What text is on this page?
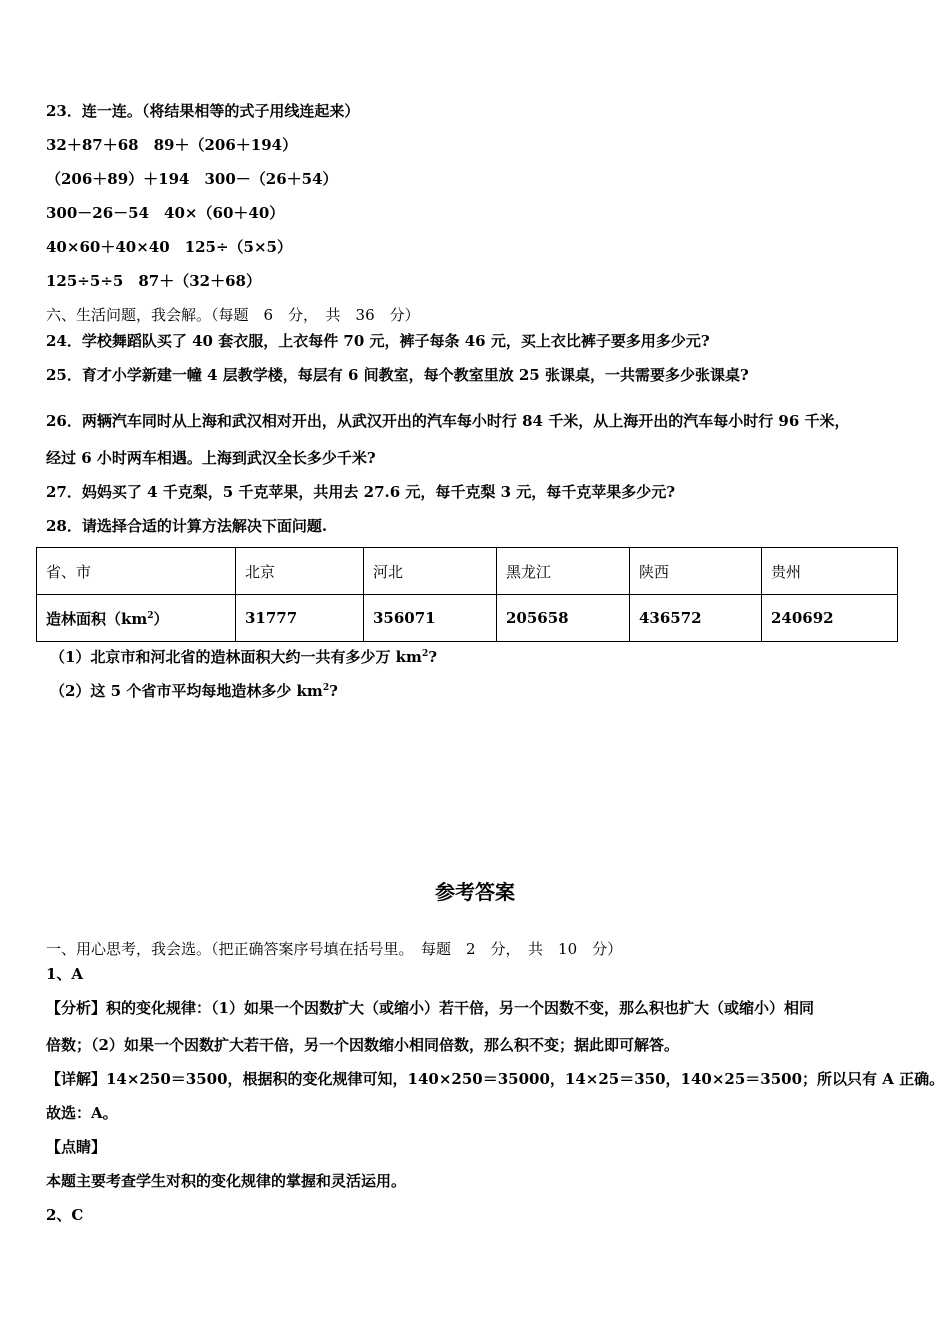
23．连一连。（将结果相等的式子用线连起来）
32＋87＋68　89＋（206＋194）
（206＋89）＋194　300－（26＋54）
300－26－54　40×（60＋40）
40×60＋40×40　125÷（5×5）
125÷5÷5　87＋（32＋68）
六、生活问题，我会解。（每题　6　分，　共　36　分）
24．学校舞蹈队买了 40 套衣服，上衣每件 70 元，裤子每条 46 元，买上衣比裤子要多用多少元?
25．育才小学新建一幢 4 层教学楼，每层有 6 间教室，每个教室里放 25 张课桌，一共需要多少张课桌?
26．两辆汽车同时从上海和武汉相对开出，从武汉开出的汽车每小时行 84 千米，从上海开出的汽车每小时行 96 千米，
经过 6 小时两车相遇。上海到武汉全长多少千米?
27．妈妈买了 4 千克梨，5 千克苹果，共用去 27.6 元，每千克梨 3 元，每千克苹果多少元?
28．请选择合适的计算方法解决下面问题.
省、市	北京	河北	黑龙江	陕西	贵州
造林面积$(km^2)$	31777	356071	205658	436572	240692
（1）北京市和河北省的造林面积大约一共有多少万 $km^2$?
（2）这 5 个省市平均每地造林多少 $km^2$?
参考答案
一、用心思考，我会选。（把正确答案序号填在括号里。　每题　2　分，　共　10　分）
1、A
【分析】积的变化规律：（1）如果一个因数扩大（或缩小）若干倍，另一个因数不变，那么积也扩大（或缩小）相同
倍数；（2）如果一个因数扩大若干倍，另一个因数缩小相同倍数，那么积不变；据此即可解答。
【详解】14×250＝3500，根据积的变化规律可知，140×250＝35000，14×25＝350，140×25＝3500；所以只有 A 正确。
故选：A。
【点睛】
本题主要考查学生对积的变化规律的掌握和灵活运用。
2、C
